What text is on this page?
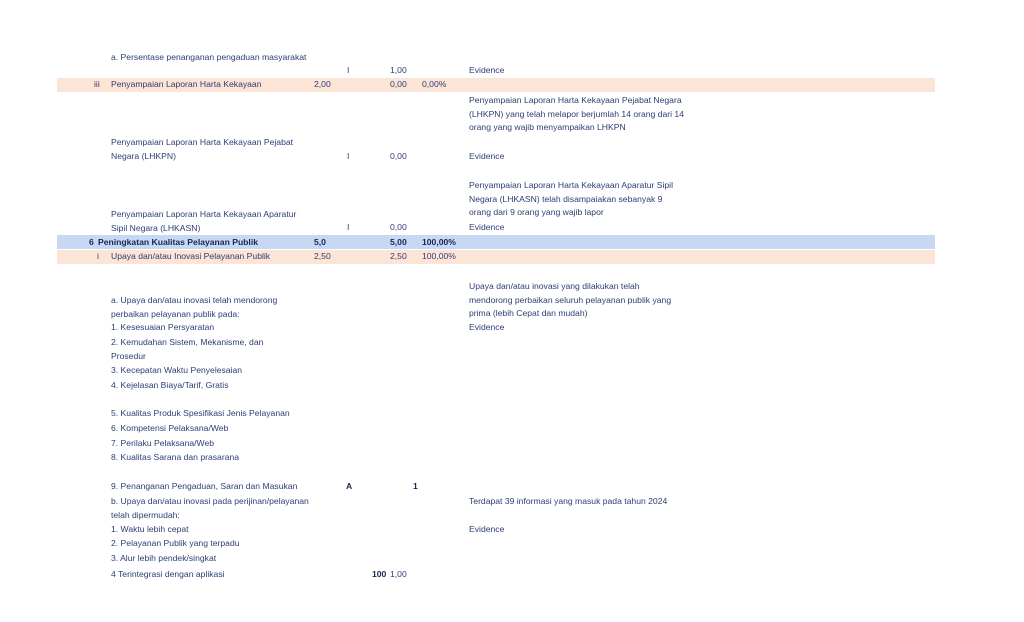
a. Persentase penanganan pengaduan masyarakat
I	1,00	Evidence
iii Penyampaian Laporan Harta Kekayaan	2,00	0,00 0,00%
Penyampaian Laporan Harta Kekayaan Pejabat Negara (LHKPN) yang telah melapor berjumlah 14 orang dari 14 orang yang wajib menyampaikan LHKPN
Penyampaian Laporan Harta Kekayaan Pejabat Negara (LHKPN)	I	0,00	Evidence
Penyampaian Laporan Harta Kekayaan Aparatur Sipil Negara (LHKASN) telah disampaiakan sebanyak 9 orang dari 9 orang yang wajib lapor
Penyampaian Laporan Harta Kekayaan Aparatur Sipil Negara (LHKASN)	I	0,00	Evidence
6 Peningkatan Kualitas Pelayanan Publik	5,0	5,00 100,00%
i Upaya dan/atau Inovasi Pelayanan Publik	2,50	2,50 100,00%
Upaya dan/atau inovasi yang dilakukan telah mendorong perbaikan seluruh pelayanan publik yang prima (lebih Cepat dan mudah)
a. Upaya dan/atau inovasi telah mendorong perbaikan pelayanan publik pada:
Evidence
1. Kesesuaian Persyaratan
2. Kemudahan Sistem, Mekanisme, dan Prosedur
3. Kecepatan Waktu Penyelesaian
4. Kejelasan Biaya/Tarif, Gratis
5. Kualitas Produk Spesifikasi Jenis Pelayanan
6. Kompetensi Pelaksana/Web
7. Perilaku Pelaksana/Web
8. Kualitas Sarana dan prasarana
9. Penanganan Pengaduan, Saran dan Masukan	A	1
b. Upaya dan/atau inovasi pada perijinan/pelayanan telah dipermudah:
Terdapat 39 informasi yang masuk pada tahun 2024
Evidence
1. Waktu lebih cepat
2. Pelayanan Publik yang terpadu
3. Alur lebih pendek/singkat
4 Terintegrasi dengan aplikasi	100 1,00
